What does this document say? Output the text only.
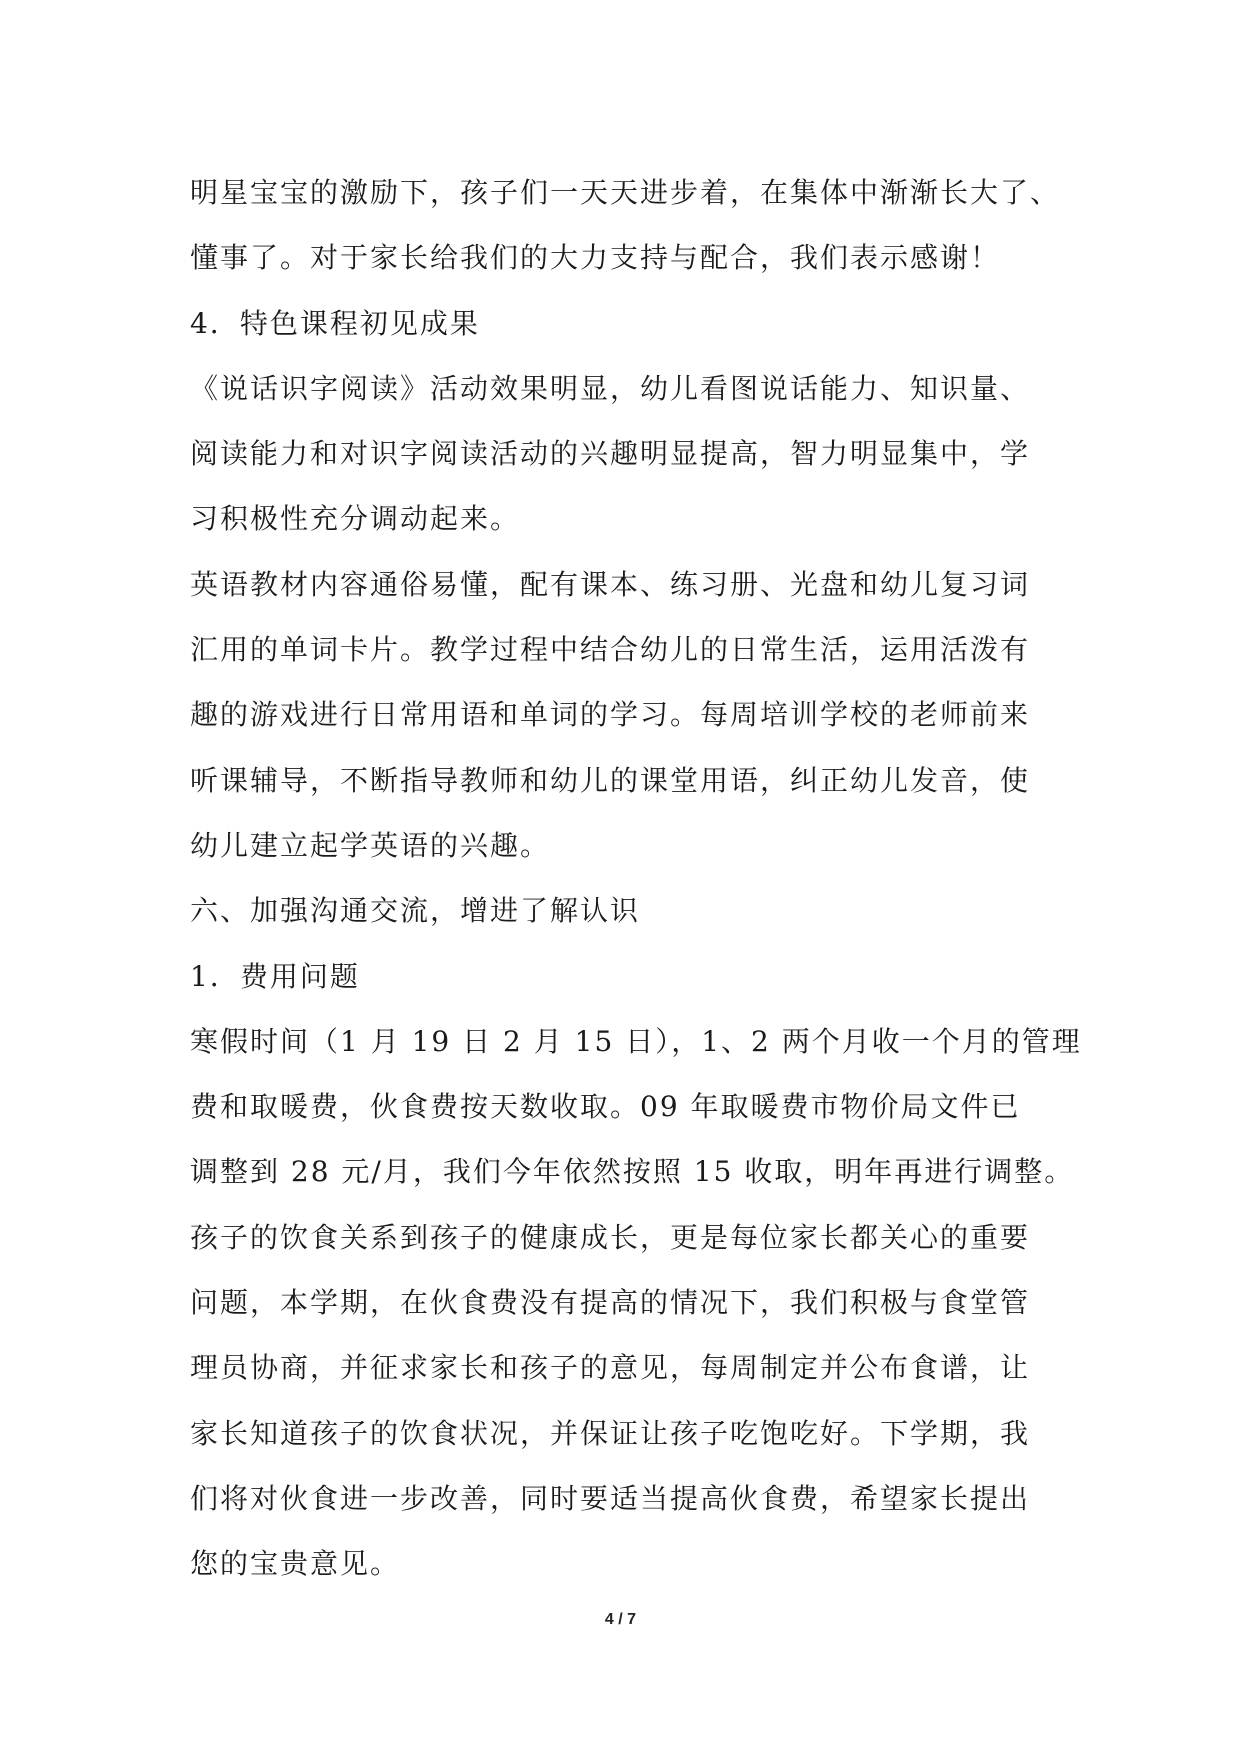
明星宝宝的激励下，孩子们一天天进步着，在集体中渐渐长大了、
懂事了。对于家长给我们的大力支持与配合，我们表示感谢！
4．特色课程初见成果
《说话识字阅读》活动效果明显，幼儿看图说话能力、知识量、
阅读能力和对识字阅读活动的兴趣明显提高，智力明显集中，学
习积极性充分调动起来。
英语教材内容通俗易懂，配有课本、练习册、光盘和幼儿复习词
汇用的单词卡片。教学过程中结合幼儿的日常生活，运用活泼有
趣的游戏进行日常用语和单词的学习。每周培训学校的老师前来
听课辅导，不断指导教师和幼儿的课堂用语，纠正幼儿发音，使
幼儿建立起学英语的兴趣。
六、加强沟通交流，增进了解认识
1．费用问题
寒假时间（1 月 19 日 2 月 15 日），1、2 两个月收一个月的管理
费和取暖费，伙食费按天数收取。09 年取暖费市物价局文件已
调整到 28 元/月，我们今年依然按照 15 收取，明年再进行调整。
孩子的饮食关系到孩子的健康成长，更是每位家长都关心的重要
问题，本学期，在伙食费没有提高的情况下，我们积极与食堂管
理员协商，并征求家长和孩子的意见，每周制定并公布食谱，让
家长知道孩子的饮食状况，并保证让孩子吃饱吃好。下学期，我
们将对伙食进一步改善，同时要适当提高伙食费，希望家长提出
您的宝贵意见。
4 / 7
